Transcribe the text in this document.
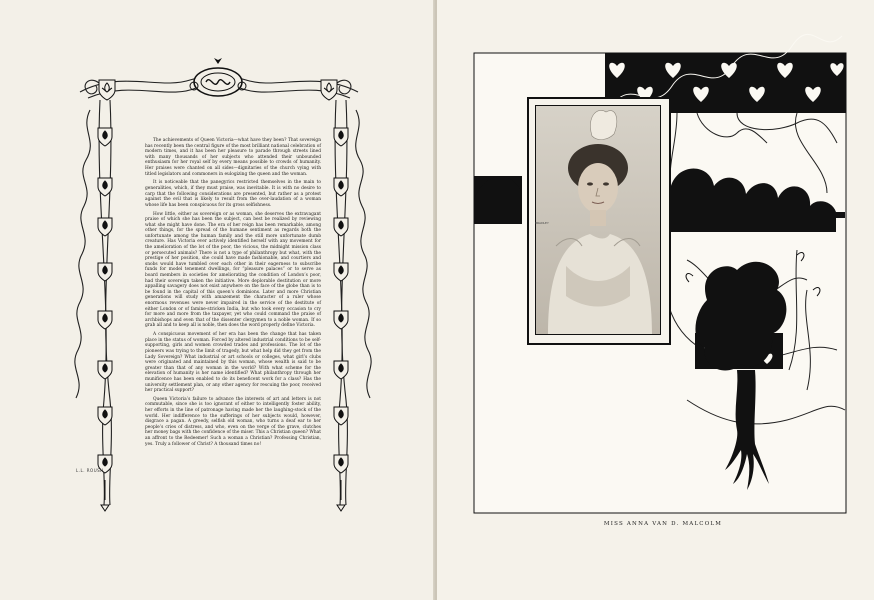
The achievements of Queen Victoria—what have they been? That sovereign has recently been the central figure of the most brilliant national celebration of modern times, and it has been her pleasure to parade through streets lined with many thousands of her subjects who attended their unbounded enthusiasm for her royal self by every means possible to crowds of humanity. Her praises were chanted on all sides—dignitaries of the church vying with titled legislators and commoners in eulogizing the queen and the woman.

It is noticeable that the panegyrics restricted themselves in the main to generalities, which, if they must praise, was inevitable. It is with no desire to carp that the following considerations are presented, but rather as a protest against the evil that is likely to result from the over-laudation of a woman whose life has been conspicuous for its gross selfishness.

How little, either as sovereign or as woman, she deserves the extravagant praise of which she has been the subject, can best be realized by reviewing what she might have done. The era of her reign has been remarkable, among other things, for the spread of the humane sentiment as regards both the unfortunate among the human family and the still more unfortunate dumb creature. Has Victoria ever actively identified herself with any movement for the amelioration of the lot of the poor, the vicious, the midnight mission class or persecuted animals? There is not a type of philanthropy but what, with the prestige of her position, she could have made fashionable, and courtiers and snobs would have tumbled over each other in their eagerness to subscribe funds for model tenement dwellings, for “pleasure palaces” or to serve as board members in societies for ameliorating the condition of London’s poor, had their sovereign taken the initiative. More deplorable destitution or more appalling savagery does not exist anywhere on the face of the globe than is to be found in the capital of this queen’s dominions. Later and more Christian generations will study with amazement the character of a ruler whose enormous revenues were never impaired in the service of the destitute of either London or of famine-stricken India, but who took every occasion to cry for more and more from the taxpayer, yet who could command the praise of archbishops and even that of the dissenter clergymen to a noble woman. If so grab all and to keep all is noble, then does the word properly define Victoria.

A conspicuous movement of her era has been the change that has taken place in the status of woman. Forced by altered industrial conditions to be self-supporting, girls and women crowded trades and professions. The lot of the pioneers was trying to the limit of tragedy, but what help did they get from the Lady Sovereign? What industrial or art schools or colleges, what girl’s clubs were originated and maintained by this woman, whose wealth is said to be greater than that of any woman in the world? With what scheme for the elevation of humanity is her name identified? What philanthropy through her munificence has been enabled to do its beneficent work for a class? Has the university settlement plan, or any other agency for rescuing the poor, received her practical support?

Queen Victoria’s failure to advance the interests of art and letters is not commutable, since she is too ignorant of either to intelligently foster ability, her efforts in the line of patronage having made her the laughing-stock of the world. Her indifference to the sufferings of her subjects would, however, disgrace a pagan. A greedy, selfish old woman, who turns a deaf ear to her people’s cries of distress, and who, even on the verge of the grave, clutches her money bags with the confidence of the miser. This a Christian queen? What an affront to the Redeemer! Such a woman a Christian? Professing Christian, yes. Truly a follower of Christ? A thousand times no!

L.L. ROUSH
BRADLEY
MISS ANNA VAN D. MALCOLM
